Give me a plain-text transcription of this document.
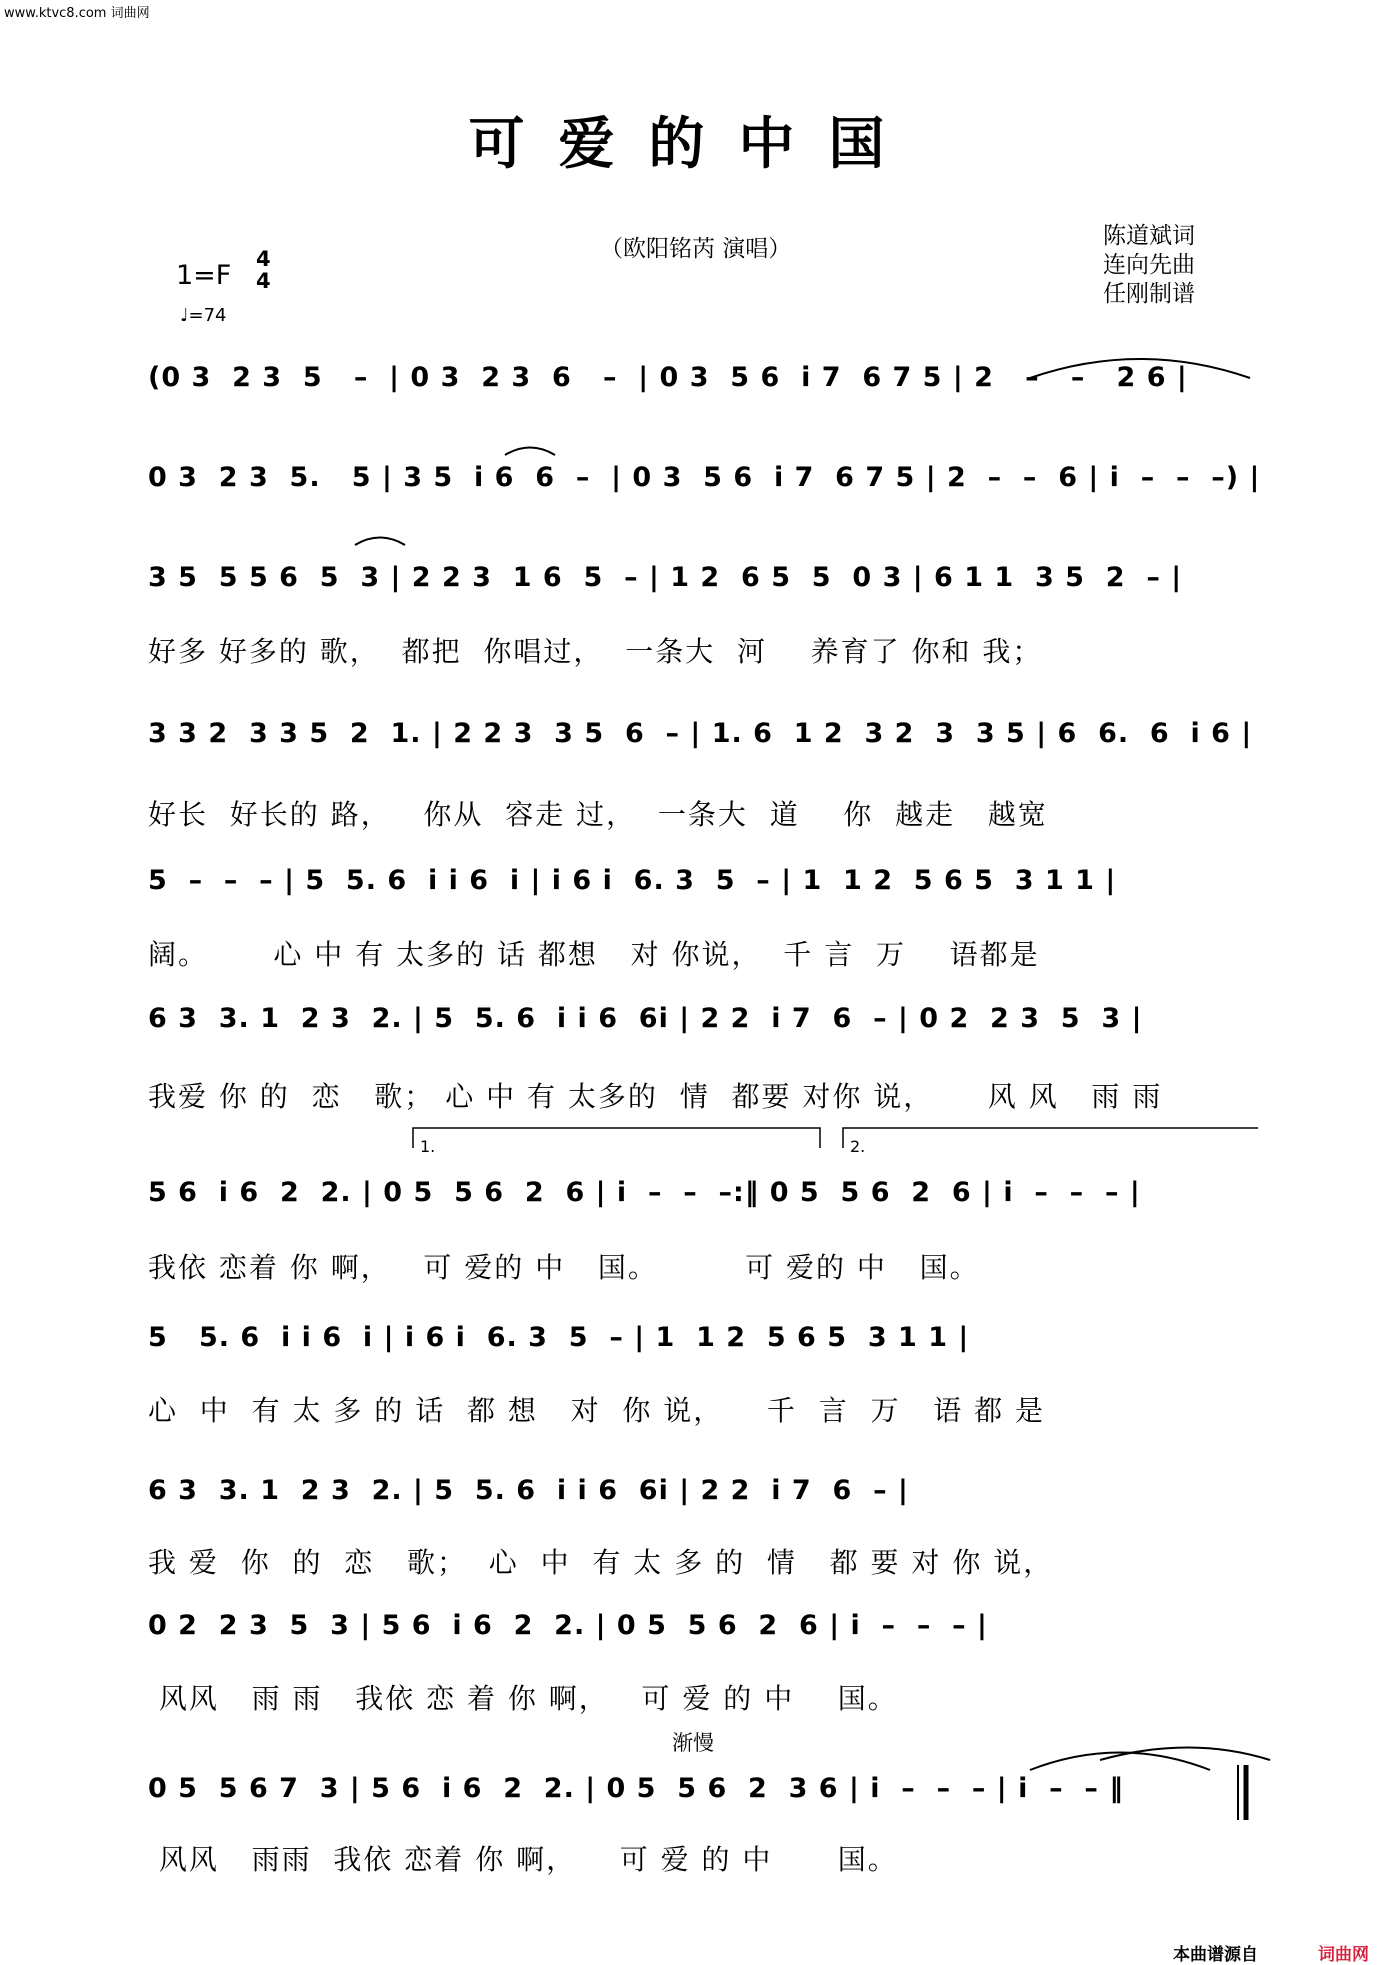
www.ktvc8.com 词曲网
可爱的中国
（欧阳铭芮 演唱）	陈道斌词
连向先曲
任刚制谱
1=F
4
4
♩=74
(0 3  2 3  5   –  | 0 3  2 3  6   –  | 0 3  5 6  i 7  6 7 5 | 2   –   –   2 6 |
0 3  2 3  5.   5 | 3 5  i 6  6  –  | 0 3  5 6  i 7  6 7 5 | 2  –  –  6 | i  –  –  –) |
3 5  5 5 6  5  3 | 2 2 3  1 6  5  – | 1 2  6 5  5  0 3 | 6 1 1  3 5  2  – |
好多 好多的 歌，  都把  你唱过，  一条大  河    养育了 你和 我；
3 3 2  3 3 5  2  1. | 2 2 3  3 5  6  – | 1. 6  1 2  3 2  3  3 5 | 6  6.  6  i 6 |
好长  好长的 路，   你从  容走 过，  一条大  道    你  越走   越宽
5  –  –  – | 5  5. 6  i i 6  i | i 6 i  6. 3  5  – | 1  1 2  5 6 5  3 1 1 |
阔。      心 中 有 太多的 话 都想   对 你说，  千 言  万    语都是
6 3  3. 1  2 3  2. | 5  5. 6  i i 6  6i | 2 2  i 7  6  – | 0 2  2 3  5  3 |
我爱 你 的  恋   歌； 心 中 有 太多的  情  都要 对你 说，     风 风   雨 雨
1.	2.
5 6  i 6  2  2. | 0 5  5 6  2  6 | i  –  –  –:‖ 0 5  5 6  2  6 | i  –  –  – |
我依 恋着 你 啊，   可 爱的 中   国。        可 爱的 中   国。
5   5. 6  i i 6  i | i 6 i  6. 3  5  – | 1  1 2  5 6 5  3 1 1 |
心  中  有 太 多 的 话  都 想   对  你 说，    千  言  万   语 都 是
6 3  3. 1  2 3  2. | 5  5. 6  i i 6  6i | 2 2  i 7  6  – |
我 爱  你  的  恋   歌；  心  中  有 太 多 的  情   都 要 对 你 说，
0 2  2 3  5  3 | 5 6  i 6  2  2. | 0 5  5 6  2  6 | i  –  –  – |
风风   雨 雨   我依 恋 着 你 啊，   可 爱 的 中    国。
渐慢
0 5  5 6 7  3 | 5 6  i 6  2  2. | 0 5  5 6  2  3 6 | i  –  –  – | i  –  – ‖
风风   雨雨  我依 恋着 你 啊，    可 爱 的 中      国。
本曲谱源自	词曲网
